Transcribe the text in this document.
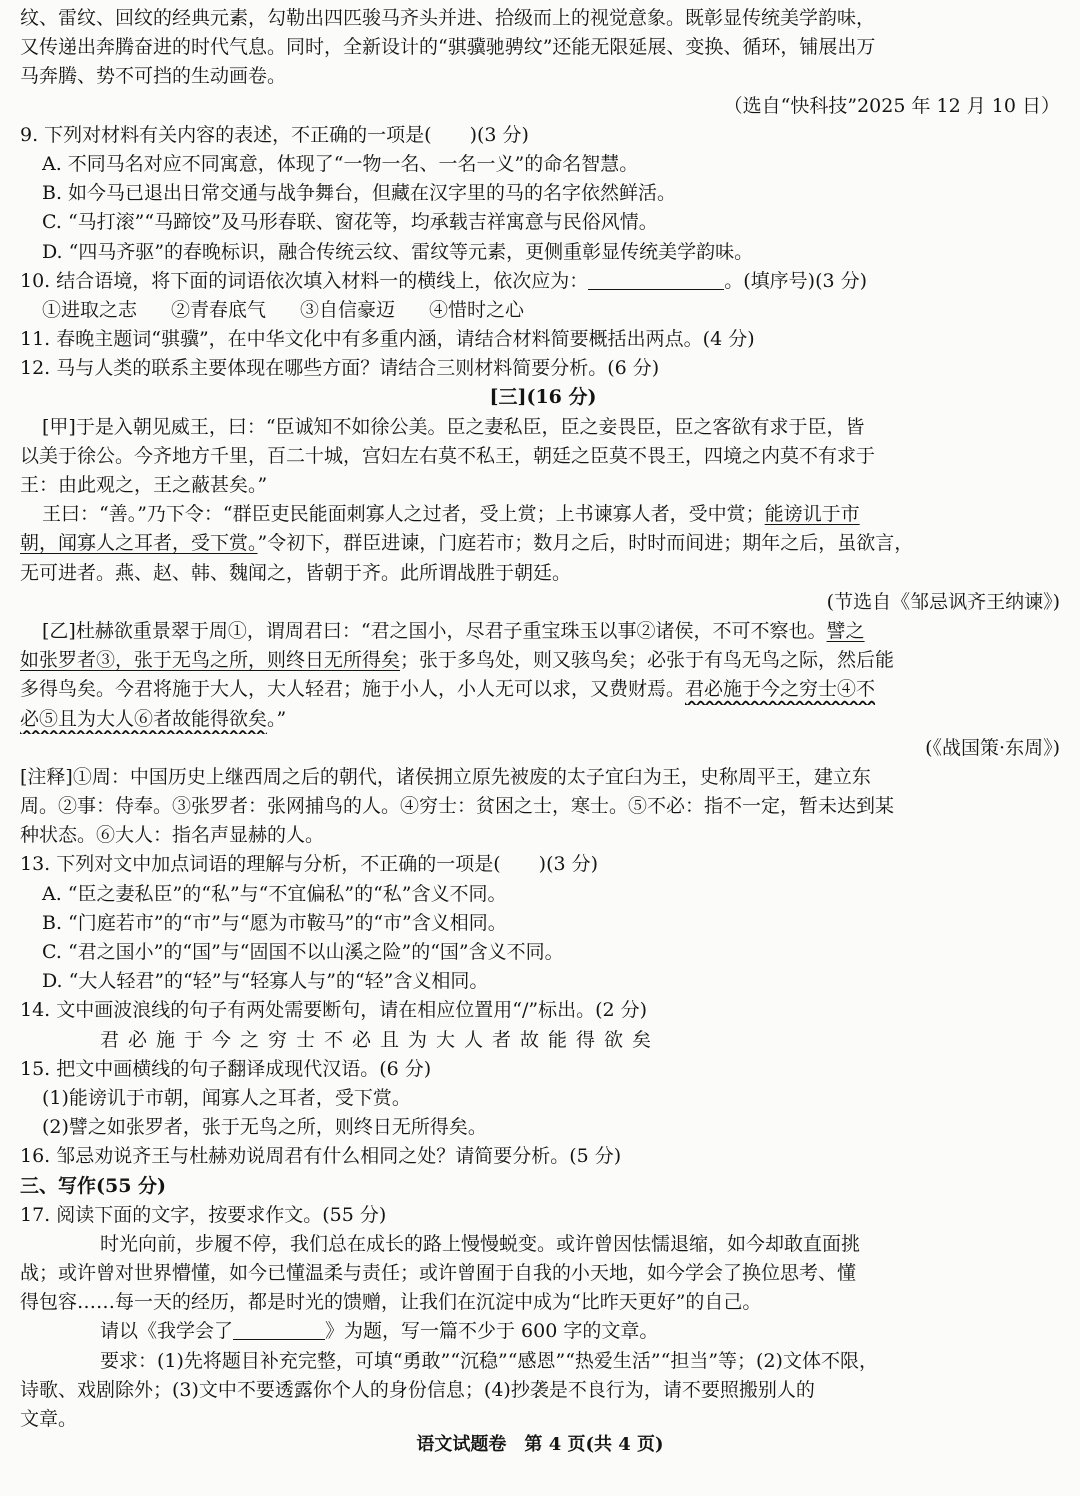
纹、雷纹、回纹的经典元素，勾勒出四匹骏马齐头并进、拾级而上的视觉意象。既彰显传统美学韵味，
又传递出奔腾奋进的时代气息。同时，全新设计的“骐骥驰骋纹”还能无限延展、变换、循环，铺展出万
马奔腾、势不可挡的生动画卷。
（选自“快科技”2025 年 12 月 10 日）
9. 下列对材料有关内容的表述，不正确的一项是(　　)(3 分)
A. 不同马名对应不同寓意，体现了“一物一名、一名一义”的命名智慧。
B. 如今马已退出日常交通与战争舞台，但藏在汉字里的马的名字依然鲜活。
C. “马打滚”“马蹄饺”及马形春联、窗花等，均承载吉祥寓意与民俗风情。
D. “四马齐驱”的春晚标识，融合传统云纹、雷纹等元素，更侧重彰显传统美学韵味。
10. 结合语境，将下面的词语依次填入材料一的横线上，依次应为：	。(填序号)(3 分)
①进取之志 ②青春底气 ③自信豪迈 ④惜时之心
11. 春晚主题词“骐骥”，在中华文化中有多重内涵，请结合材料简要概括出两点。(4 分)
12. 马与人类的联系主要体现在哪些方面？请结合三则材料简要分析。(6 分)
[三](16 分)
[甲]于是入朝见威王，曰：“臣诚知不如徐公美。臣之妻私臣，臣之妾畏臣，臣之客欲有求于臣，皆
以美于徐公。今齐地方千里，百二十城，宫妇左右莫不私王，朝廷之臣莫不畏王，四境之内莫不有求于
王：由此观之，王之蔽甚矣。”
王曰：“善。”乃下令：“群臣吏民能面刺寡人之过者，受上赏；上书谏寡人者，受中赏；能谤讥于市
朝，闻寡人之耳者，受下赏。”令初下，群臣进谏，门庭若市；数月之后，时时而间进；期年之后，虽欲言，
无可进者。燕、赵、韩、魏闻之，皆朝于齐。此所谓战胜于朝廷。
(节选自《邹忌讽齐王纳谏》)
[乙]杜赫欲重景翠于周①，谓周君曰：“君之国小，尽君子重宝珠玉以事②诸侯，不可不察也。譬之
如张罗者③，张于无鸟之所，则终日无所得矣；张于多鸟处，则又骇鸟矣；必张于有鸟无鸟之际，然后能
多得鸟矣。今君将施于大人，大人轻君；施于小人，小人无可以求，又费财焉。君必施于今之穷士④不
必⑤且为大人⑥者故能得欲矣。”
(《战国策·东周》)
[注释]①周：中国历史上继西周之后的朝代，诸侯拥立原先被废的太子宜臼为王，史称周平王，建立东
周。②事：侍奉。③张罗者：张网捕鸟的人。④穷士：贫困之士，寒士。⑤不必：指不一定，暂未达到某
种状态。⑥大人：指名声显赫的人。
13. 下列对文中加点词语的理解与分析，不正确的一项是(　　)(3 分)
A. “臣之妻私臣”的“私”与“不宜偏私”的“私”含义不同。
B. “门庭若市”的“市”与“愿为市鞍马”的“市”含义相同。
C. “君之国小”的“国”与“固国不以山溪之险”的“国”含义不同。
D. “大人轻君”的“轻”与“轻寡人与”的“轻”含义相同。
14. 文中画波浪线的句子有两处需要断句，请在相应位置用“/”标出。(2 分)
君必施于今之穷士不必且为大人者故能得欲矣
15. 把文中画横线的句子翻译成现代汉语。(6 分)
(1)能谤讥于市朝，闻寡人之耳者，受下赏。
(2)譬之如张罗者，张于无鸟之所，则终日无所得矣。
16. 邹忌劝说齐王与杜赫劝说周君有什么相同之处？请简要分析。(5 分)
三、写作(55 分)
17. 阅读下面的文字，按要求作文。(55 分)
时光向前，步履不停，我们总在成长的路上慢慢蜕变。或许曾因怯懦退缩，如今却敢直面挑
战；或许曾对世界懵懂，如今已懂温柔与责任；或许曾囿于自我的小天地，如今学会了换位思考、懂
得包容……每一天的经历，都是时光的馈赠，让我们在沉淀中成为“比昨天更好”的自己。
请以《我学会了	》为题，写一篇不少于 600 字的文章。
要求：(1)先将题目补充完整，可填“勇敢”“沉稳”“感恩”“热爱生活”“担当”等；(2)文体不限，
诗歌、戏剧除外；(3)文中不要透露你个人的身份信息；(4)抄袭是不良行为，请不要照搬别人的
文章。
语文试题卷　第 4 页(共 4 页)
